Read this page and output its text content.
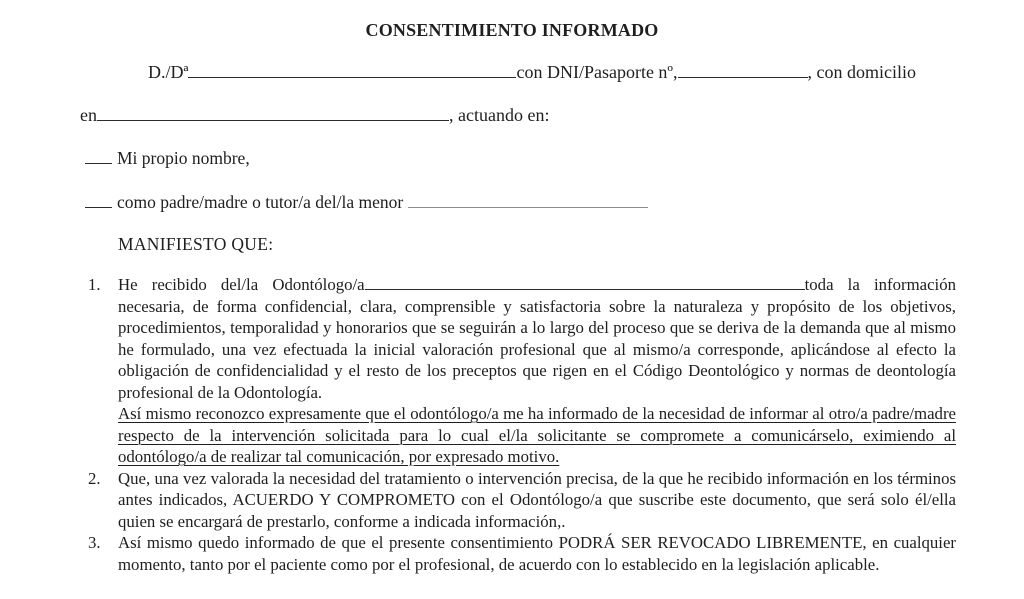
CONSENTIMIENTO INFORMADO
D./Dª	con DNI/Pasaporte nº,	, con domicilio
en	, actuando en:
Mi propio nombre,
como padre/madre o tutor/a del/la menor
MANIFIESTO QUE:
1.	He recibido del/la Odontólogo/a	toda la información necesaria, de forma confidencial, clara, comprensible y satisfactoria sobre la naturaleza y propósito de los objetivos, procedimientos, temporalidad y honorarios que se seguirán a lo largo del proceso que se deriva de la demanda que al mismo he formulado, una vez efectuada la inicial valoración profesional que al mismo/a corresponde, aplicándose al efecto la obligación de confidencialidad y el resto de los preceptos que rigen en el Código Deontológico y normas de deontología profesional de la Odontología.
Así mismo reconozco expresamente que el odontólogo/a me ha informado de la necesidad de informar al otro/a padre/madre respecto de la intervención solicitada para lo cual el/la solicitante se compromete a comunicárselo, eximiendo al odontólogo/a de realizar tal comunicación, por expresado motivo.
2.	Que, una vez valorada la necesidad del tratamiento o intervención precisa, de la que he recibido información en los términos antes indicados, ACUERDO Y COMPROMETO con el Odontólogo/a que suscribe este documento, que será solo él/ella quien se encargará de prestarlo, conforme a indicada información,.
3.	Así mismo quedo informado de que el presente consentimiento PODRÁ SER REVOCADO LIBREMENTE, en cualquier momento, tanto por el paciente como por el profesional, de acuerdo con lo establecido en la legislación aplicable.
